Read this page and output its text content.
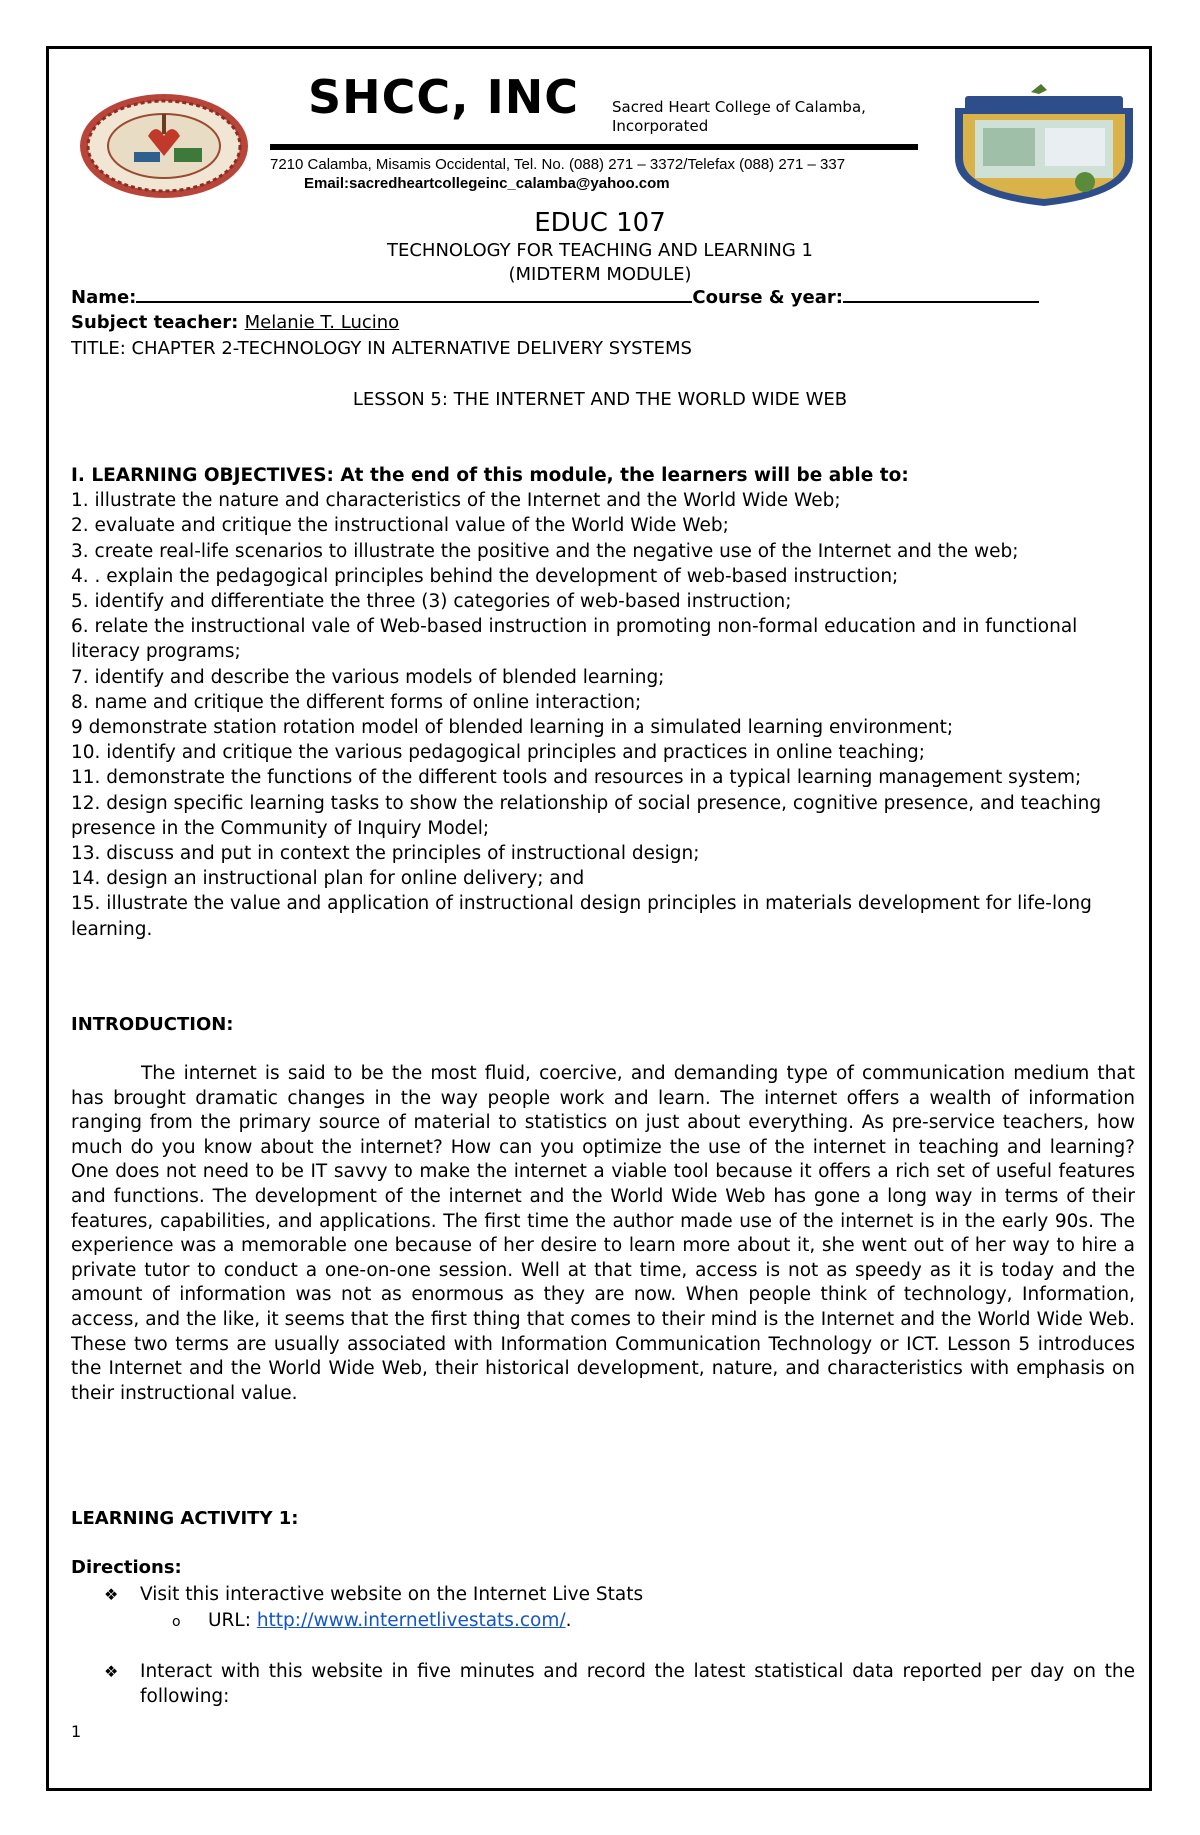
SHCC, INC Sacred Heart College of Calamba, Incorporated
7210 Calamba, Misamis Occidental, Tel. No. (088) 271 – 3372/Telefax (088) 271 – 337
Email:sacredheartcollegeinc_calamba@yahoo.com
EDUC 107
TECHNOLOGY FOR TEACHING AND LEARNING 1
(MIDTERM MODULE)
Name:	Course & year:
Subject teacher: Melanie T. Lucino
TITLE: CHAPTER 2-TECHNOLOGY IN ALTERNATIVE DELIVERY SYSTEMS
LESSON 5: THE INTERNET AND THE WORLD WIDE WEB
I. LEARNING OBJECTIVES: At the end of this module, the learners will be able to:
1. illustrate the nature and characteristics of the Internet and the World Wide Web;
2. evaluate and critique the instructional value of the World Wide Web;
3. create real-life scenarios to illustrate the positive and the negative use of the Internet and the web;
4. . explain the pedagogical principles behind the development of web-based instruction;
5. identify and differentiate the three (3) categories of web-based instruction;
6. relate the instructional vale of Web-based instruction in promoting non-formal education and in functional literacy programs;
7. identify and describe the various models of blended learning;
8. name and critique the different forms of online interaction;
9 demonstrate station rotation model of blended learning in a simulated learning environment;
10. identify and critique the various pedagogical principles and practices in online teaching;
11. demonstrate the functions of the different tools and resources in a typical learning management system;
12. design specific learning tasks to show the relationship of social presence, cognitive presence, and teaching presence in the Community of Inquiry Model;
13. discuss and put in context the principles of instructional design;
14. design an instructional plan for online delivery; and
15. illustrate the value and application of instructional design principles in materials development for life-long learning.
INTRODUCTION:
The internet is said to be the most fluid, coercive, and demanding type of communication medium that has brought dramatic changes in the way people work and learn. The internet offers a wealth of information ranging from the primary source of material to statistics on just about everything. As pre-service teachers, how much do you know about the internet? How can you optimize the use of the internet in teaching and learning? One does not need to be IT savvy to make the internet a viable tool because it offers a rich set of useful features and functions. The development of the internet and the World Wide Web has gone a long way in terms of their features, capabilities, and applications. The first time the author made use of the internet is in the early 90s. The experience was a memorable one because of her desire to learn more about it, she went out of her way to hire a private tutor to conduct a one-on-one session. Well at that time, access is not as speedy as it is today and the amount of information was not as enormous as they are now. When people think of technology, Information, access, and the like, it seems that the first thing that comes to their mind is the Internet and the World Wide Web. These two terms are usually associated with Information Communication Technology or ICT. Lesson 5 introduces the Internet and the World Wide Web, their historical development, nature, and characteristics with emphasis on their instructional value.
LEARNING ACTIVITY 1:
Directions:
❖ Visit this interactive website on the Internet Live Stats
o URL: http://www.internetlivestats.com/.
❖	Interact with this website in five minutes and record the latest statistical data reported per day on the following:
1
